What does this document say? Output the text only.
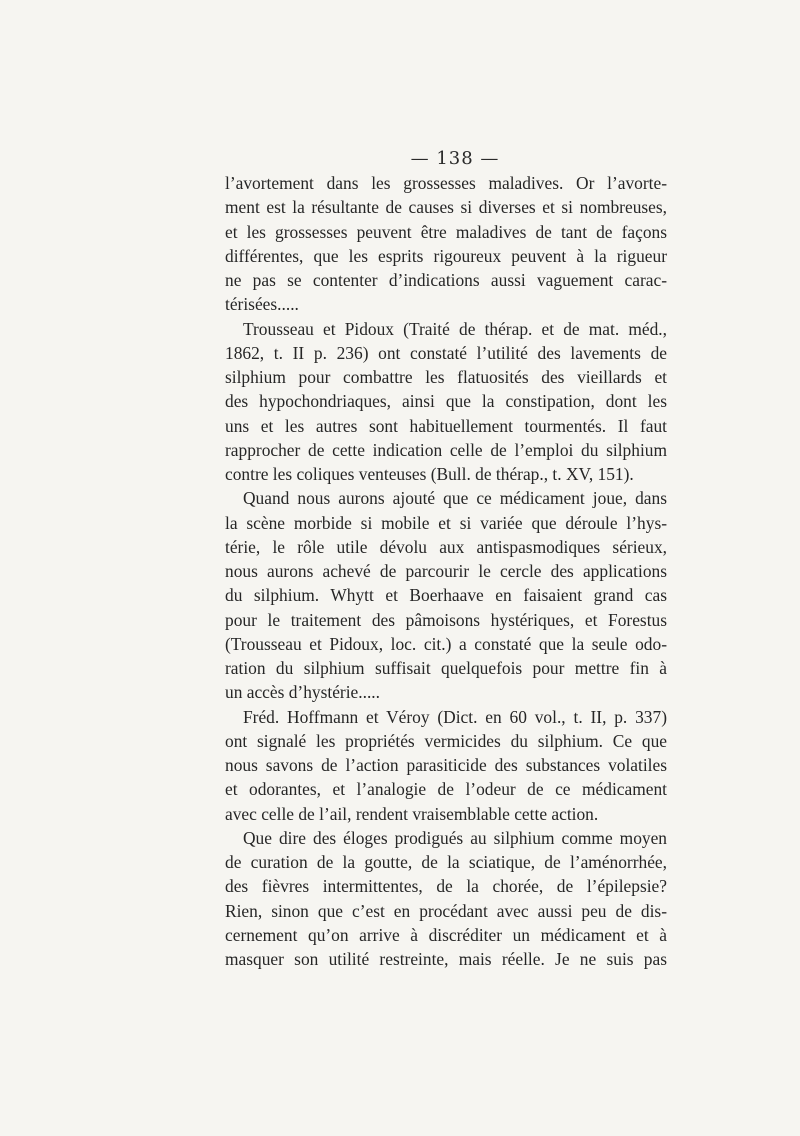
— 138 —
l’avortement dans les grossesses maladives. Or l’avorte-
ment est la résultante de causes si diverses et si nombreuses,
et les grossesses peuvent être maladives de tant de façons
différentes, que les esprits rigoureux peuvent à la rigueur
ne pas se contenter d’indications aussi vaguement carac-
térisées.....
Trousseau et Pidoux (Traité de thérap. et de mat. méd.,
1862, t. II p. 236) ont constaté l’utilité des lavements de
silphium pour combattre les flatuosités des vieillards et
des hypochondriaques, ainsi que la constipation, dont les
uns et les autres sont habituellement tourmentés. Il faut
rapprocher de cette indication celle de l’emploi du silphium
contre les coliques venteuses (Bull. de thérap., t. XV, 151).
Quand nous aurons ajouté que ce médicament joue, dans
la scène morbide si mobile et si variée que déroule l’hys-
térie, le rôle utile dévolu aux antispasmodiques sérieux,
nous aurons achevé de parcourir le cercle des applications
du silphium. Whytt et Boerhaave en faisaient grand cas
pour le traitement des pâmoisons hystériques, et Forestus
(Trousseau et Pidoux, loc. cit.) a constaté que la seule odo-
ration du silphium suffisait quelquefois pour mettre fin à
un accès d’hystérie.....
Fréd. Hoffmann et Véroy (Dict. en 60 vol., t. II, p. 337)
ont signalé les propriétés vermicides du silphium. Ce que
nous savons de l’action parasiticide des substances volatiles
et odorantes, et l’analogie de l’odeur de ce médicament
avec celle de l’ail, rendent vraisemblable cette action.
Que dire des éloges prodigués au silphium comme moyen
de curation de la goutte, de la sciatique, de l’aménorrhée,
des fièvres intermittentes, de la chorée, de l’épilepsie?
Rien, sinon que c’est en procédant avec aussi peu de dis-
cernement qu’on arrive à discréditer un médicament et à
masquer son utilité restreinte, mais réelle. Je ne suis pas
